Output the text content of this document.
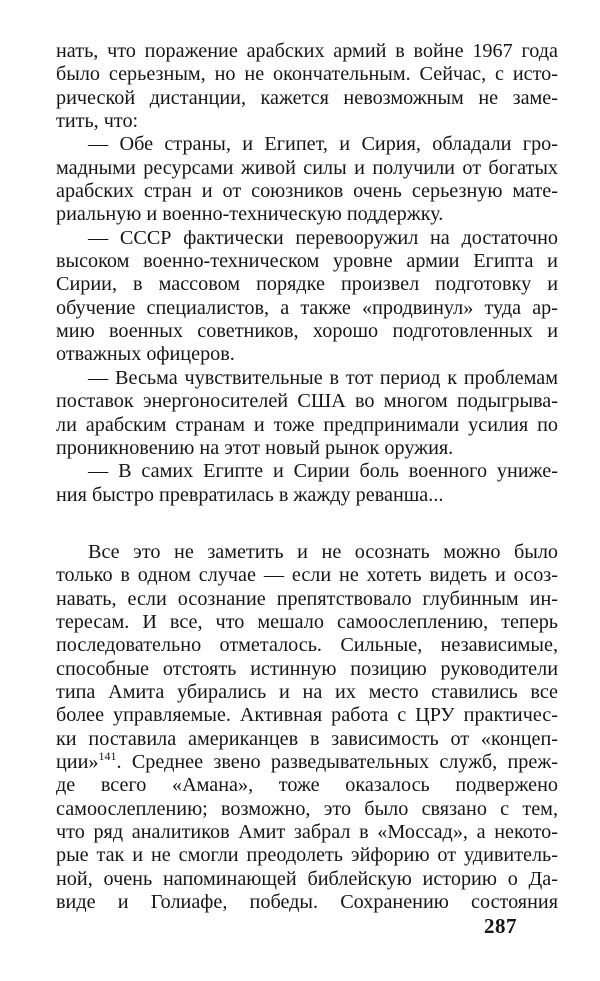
нать, что поражение арабских армий в войне 1967 года
было серьезным, но не окончательным. Сейчас, с исто-
рической дистанции, кажется невозможным не заме-
тить, что:
— Обе страны, и Египет, и Сирия, обладали гро-
мадными ресурсами живой силы и получили от богатых
арабских стран и от союзников очень серьезную мате-
риальную и военно-техническую поддержку.
— СССР фактически перевооружил на достаточно
высоком военно-техническом уровне армии Египта и
Сирии, в массовом порядке произвел подготовку и
обучение специалистов, а также «продвинул» туда ар-
мию военных советников, хорошо подготовленных и
отважных офицеров.
— Весьма чувствительные в тот период к проблемам
поставок энергоносителей США во многом подыгрыва-
ли арабским странам и тоже предпринимали усилия по
проникновению на этот новый рынок оружия.
— В самих Египте и Сирии боль военного униже-
ния быстро превратилась в жажду реванша...
Все это не заметить и не осознать можно было
только в одном случае — если не хотеть видеть и осоз-
навать, если осознание препятствовало глубинным ин-
тересам. И все, что мешало самоослеплению, теперь
последовательно отметалось. Сильные, независимые,
способные отстоять истинную позицию руководители
типа Амита убирались и на их место ставились все
более управляемые. Активная работа с ЦРУ практичес-
ки поставила американцев в зависимость от «концеп-
ции»$^{141}$. Среднее звено разведывательных служб, преж-
де всего «Амана», тоже оказалось подвержено
самоослеплению; возможно, это было связано с тем,
что ряд аналитиков Амит забрал в «Моссад», а некото-
рые так и не смогли преодолеть эйфорию от удивитель-
ной, очень напоминающей библейскую историю о Да-
виде и Голиафе, победы. Сохранению состояния
287
